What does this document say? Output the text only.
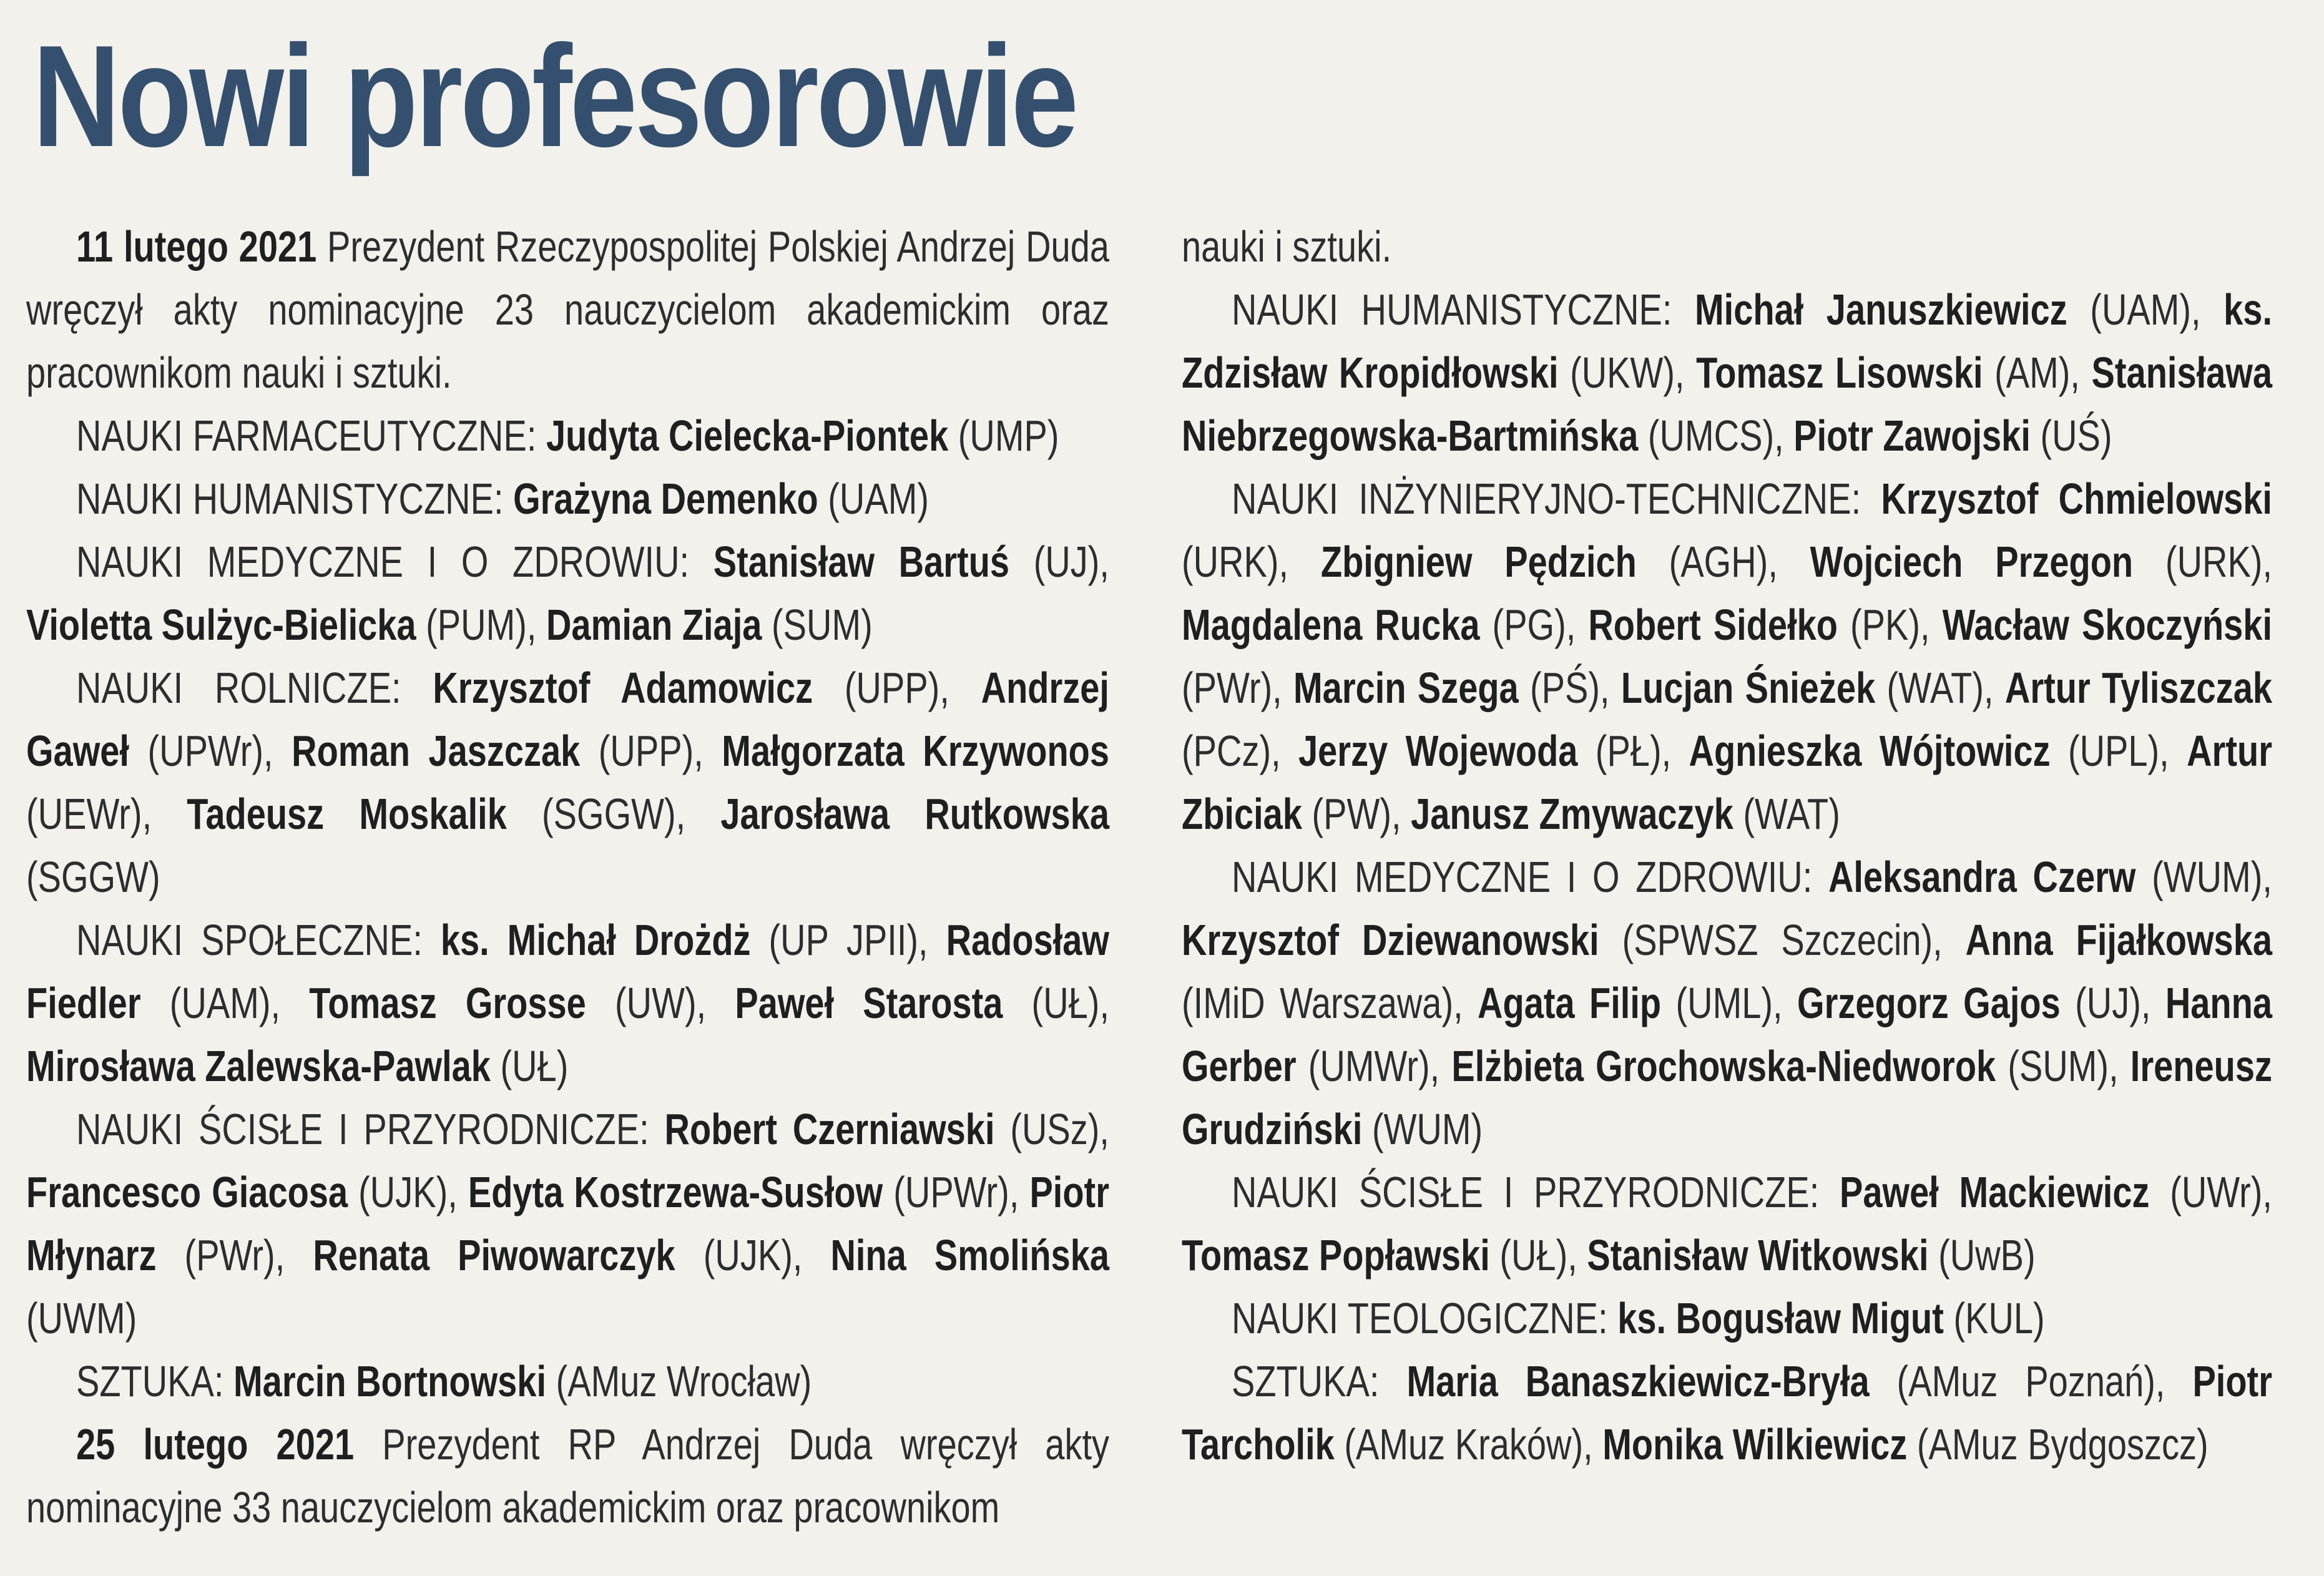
Nowi profesorowie

11 lutego 2021 Prezydent Rzeczypospolitej Polskiej Andrzej Duda wręczył akty nominacyjne 23 nauczycielom akademickim oraz pracownikom nauki i sztuki.

NAUKI FARMACEUTYCZNE: Judyta Cielecka-Piontek (UMP)

NAUKI HUMANISTYCZNE: Grażyna Demenko (UAM)

NAUKI MEDYCZNE I O ZDROWIU: Stanisław Bartuś (UJ), Violetta Sulżyc-Bielicka (PUM), Damian Ziaja (SUM)

NAUKI ROLNICZE: Krzysztof Adamowicz (UPP), Andrzej Gaweł (UPWr), Roman Jaszczak (UPP), Małgorzata Krzywonos (UEWr), Tadeusz Moskalik (SGGW), Jarosława Rutkowska (SGGW)

NAUKI SPOŁECZNE: ks. Michał Drożdż (UP JPII), Radosław Fiedler (UAM), Tomasz Grosse (UW), Paweł Starosta (UŁ), Mirosława Zalewska-Pawlak (UŁ)

NAUKI ŚCISŁE I PRZYRODNICZE: Robert Czerniawski (USz), Francesco Giacosa (UJK), Edyta Kostrzewa-Susłow (UPWr), Piotr Młynarz (PWr), Renata Piwowarczyk (UJK), Nina Smolińska (UWM)

SZTUKA: Marcin Bortnowski (AMuz Wrocław)

25 lutego 2021 Prezydent RP Andrzej Duda wręczył akty nominacyjne 33 nauczycielom akademickim oraz pracownikom

nauki i sztuki.

NAUKI HUMANISTYCZNE: Michał Januszkiewicz (UAM), ks. Zdzisław Kropidłowski (UKW), Tomasz Lisowski (AM), Stanisława Niebrzegowska-Bartmińska (UMCS), Piotr Zawojski (UŚ)

NAUKI INŻYNIERYJNO-TECHNICZNE: Krzysztof Chmielowski (URK), Zbigniew Pędzich (AGH), Wojciech Przegon (URK), Magdalena Rucka (PG), Robert Sidełko (PK), Wacław Skoczyński (PWr), Marcin Szega (PŚ), Lucjan Śnieżek (WAT), Artur Tyliszczak (PCz), Jerzy Wojewoda (PŁ), Agnieszka Wójtowicz (UPL), Artur Zbiciak (PW), Janusz Zmywaczyk (WAT)

NAUKI MEDYCZNE I O ZDROWIU: Aleksandra Czerw (WUM), Krzysztof Dziewanowski (SPWSZ Szczecin), Anna Fijałkowska (IMiD Warszawa), Agata Filip (UML), Grzegorz Gajos (UJ), Hanna Gerber (UMWr), Elżbieta Grochowska-Niedworok (SUM), Ireneusz Grudziński (WUM)

NAUKI ŚCISŁE I PRZYRODNICZE: Paweł Mackiewicz (UWr), Tomasz Popławski (UŁ), Stanisław Witkowski (UwB)

NAUKI TEOLOGICZNE: ks. Bogusław Migut (KUL)

SZTUKA: Maria Banaszkiewicz-Bryła (AMuz Poznań), Piotr Tarcholik (AMuz Kraków), Monika Wilkiewicz (AMuz Bydgoszcz)
